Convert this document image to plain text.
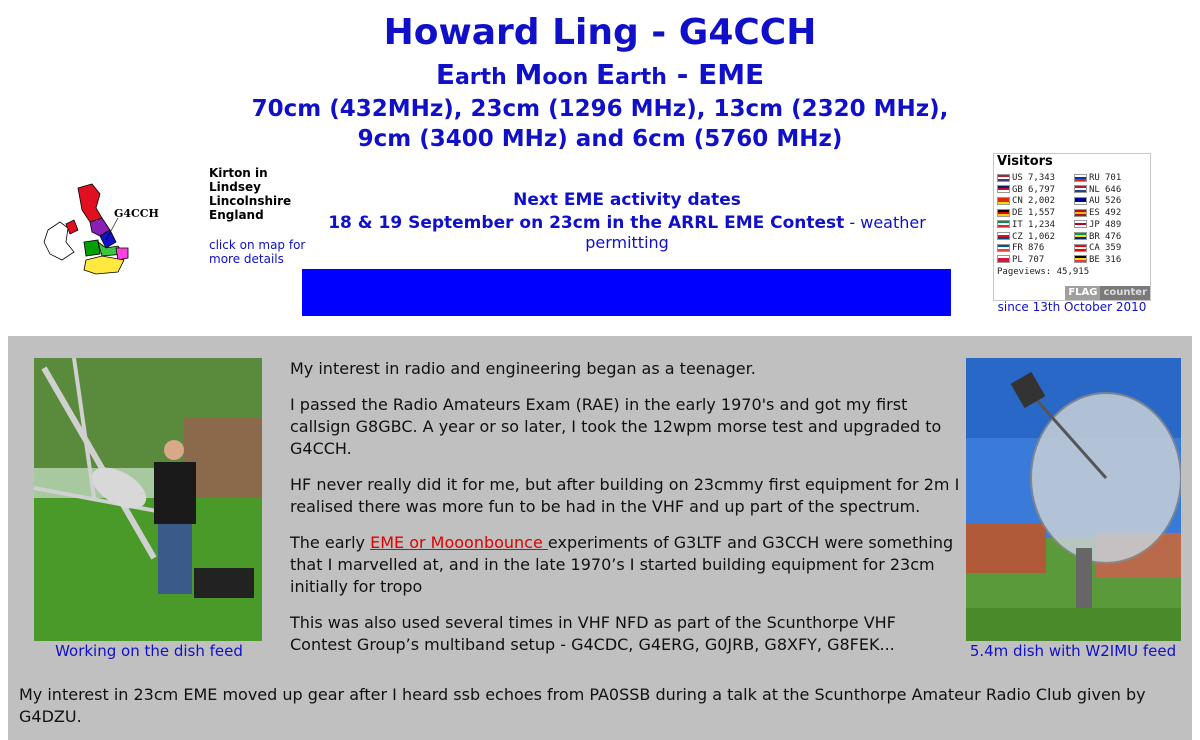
Howard Ling - G4CCH
Earth Moon Earth - EME
70cm (432MHz), 23cm (1296 MHz), 13cm (2320 MHz),
9cm (3400 MHz) and 6cm (5760 MHz)
G4CCH
Kirton in
Lindsey
Lincolnshire
England
click on map for
more details
Next EME activity dates
18 & 19 September on 23cm in the ARRL EME Contest - weather permitting
Visitors
US 7,343
GB 6,797
CN 2,002
DE 1,557
IT 1,234
CZ 1,062
FR 876
PL 707
RU 701
NL 646
AU 526
ES 492
JP 489
BR 476
CA 359
BE 316
Pageviews: 45,915
FLAG counter
since 13th October 2010
Working on the dish feed

My interest in radio and engineering began as a teenager.

I passed the Radio Amateurs Exam (RAE) in the early 1970's and got my first callsign G8GBC. A year or so later, I took the 12wpm morse test and upgraded to G4CCH.

HF never really did it for me, but after building on 23cmmy first equipment for 2m I realised there was more fun to be had in the VHF and up part of the spectrum.

The early EME or Mooonbounce experiments of G3LTF and G3CCH were something that I marvelled at, and in the late 1970’s I started building equipment for 23cm initially for tropo

This was also used several times in VHF NFD as part of the Scunthorpe VHF Contest Group’s multiband setup - G4CDC, G4ERG, G0JRB, G8XFY, G8FEK...	5.4m dish with W2IMU feed
My interest in 23cm EME moved up gear after I heard ssb echoes from PA0SSB during a talk at the Scunthorpe Amateur Radio Club given by G4DZU.
